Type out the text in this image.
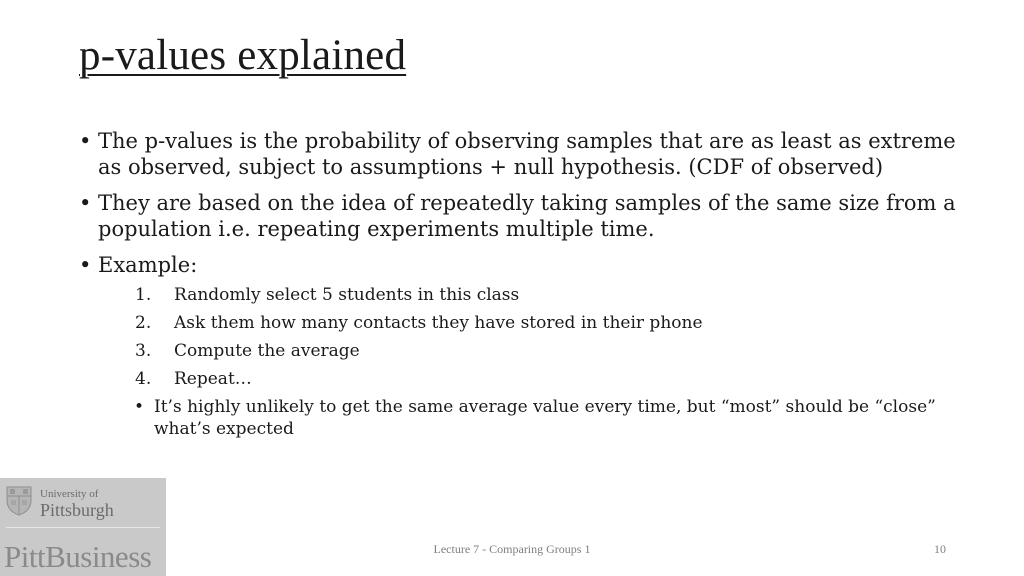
p-values explained
• The p-values is the probability of observing samples that are as least as extreme as observed, subject to assumptions + null hypothesis. (CDF of observed)
• They are based on the idea of repeatedly taking samples of the same size from a population i.e. repeating experiments multiple time.
• Example:
1. Randomly select 5 students in this class
2. Ask them how many contacts they have stored in their phone
3. Compute the average
4. Repeat…
• It’s highly unlikely to get the same average value every time, but “most” should be “close” what’s expected
University of
Pittsburgh
PittBusiness	Lecture 7 - Comparing Groups 1	10
